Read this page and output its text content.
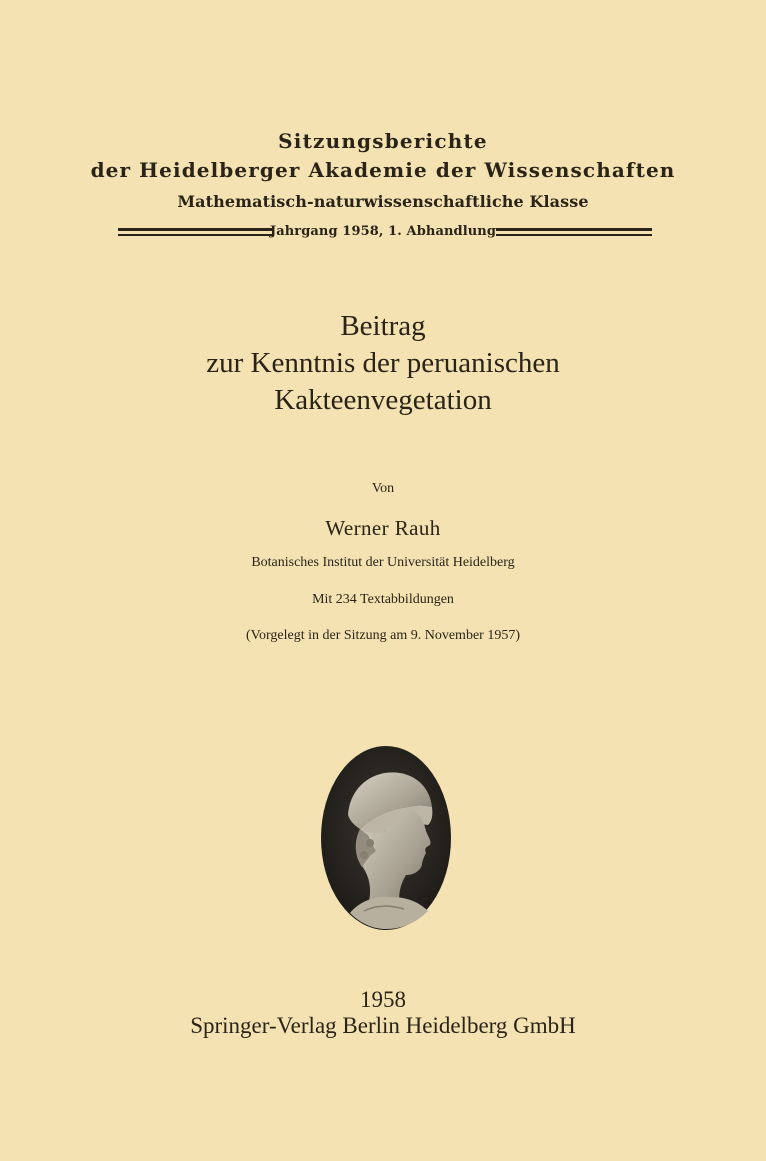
Sitzungsberichte
der Heidelberger Akademie der Wissenschaften
Mathematisch-naturwissenschaftliche Klasse
Jahrgang 1958, 1. Abhandlung
Beitrag
zur Kenntnis der peruanischen
Kakteenvegetation
Von
Werner Rauh
Botanisches Institut der Universität Heidelberg
Mit 234 Textabbildungen
(Vorgelegt in der Sitzung am 9. November 1957)
1958
Springer-Verlag Berlin Heidelberg GmbH
